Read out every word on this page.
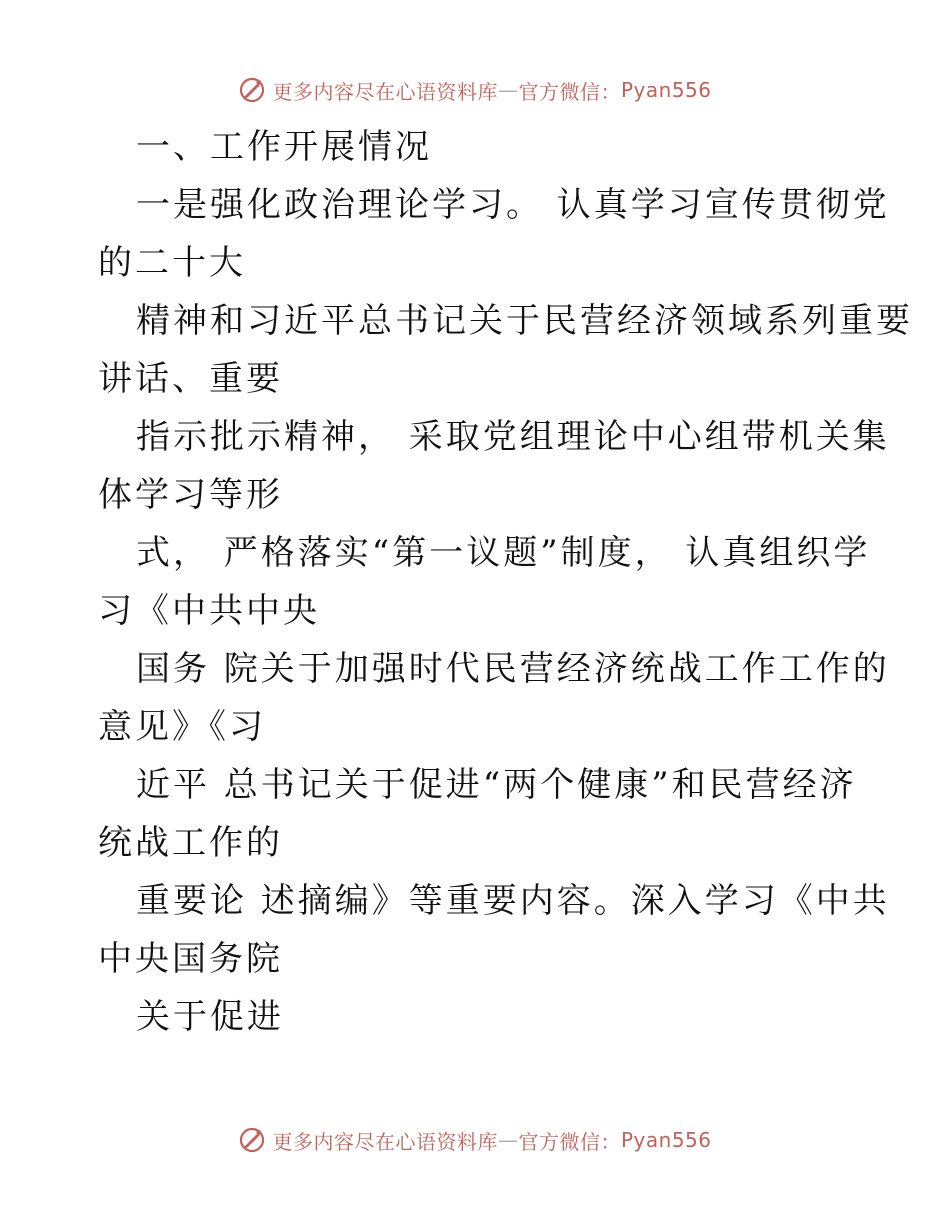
更多内容尽在心语资料库 — 官方微信： Pyan556
一、工作开展情况
一是强化政治理论学习。 认真学习宣传贯彻党
的二十大
精神和习近平总书记关于民营经济领域系列重要
讲话、重要
指示批示精神， 采取党组理论中心组带机关集
体学习等形
式， 严格落实“第一议题”制度， 认真组织学
习《中共中央
国务 院关于加强时代民营经济统战工作工作的
意见》《习
近平 总书记关于促进“两个健康”和民营经济
统战工作的
重要论 述摘编》等重要内容。深入学习《中共
中央国务院
关于促进
更多内容尽在心语资料库 — 官方微信： Pyan556
